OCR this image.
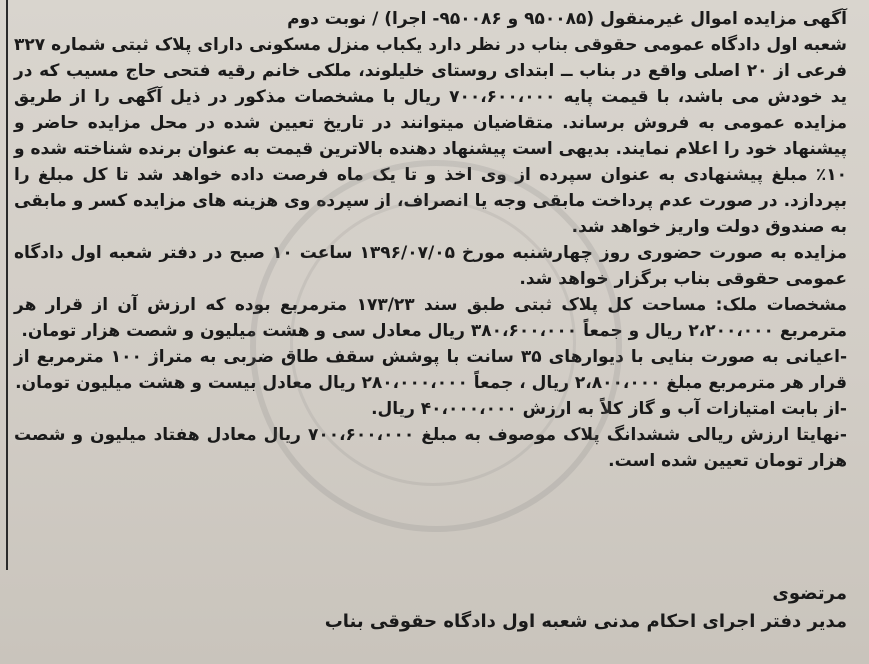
آگهی مزایده اموال غیرمنقول (۹۵۰۰۸۵ و ۹۵۰۰۸۶- اجرا) / نوبت دوم

شعبه اول دادگاه عمومی حقوقی بناب در نظر دارد یکباب منزل مسکونی دارای پلاک ثبتی شماره ۳۲۷ فرعی از ۲۰ اصلی واقع در بناب ــ ابتدای روستای خلیلوند، ملکی خانم رقیه فتحی حاج مسیب که در ید خودش می باشد، با قیمت پایه ۷۰۰،۶۰۰،۰۰۰ ریال با مشخصات مذکور در ذیل آگهی را از طریق مزایده عمومی به فروش برساند. متقاضیان میتوانند در تاریخ تعیین شده در محل مزایده حاضر و پیشنهاد خود را اعلام نمایند. بدیهی است پیشنهاد دهنده بالاترین قیمت به عنوان برنده شناخته شده و ۱۰٪ مبلغ پیشنهادی به عنوان سپرده از وی اخذ و تا یک ماه فرصت داده خواهد شد تا کل مبلغ را بپردازد. در صورت عدم پرداخت مابقی وجه یا انصراف، از سپرده وی هزینه های مزایده کسر و مابقی به صندوق دولت واریز خواهد شد.

مزایده به صورت حضوری روز چهارشنبه مورخ ۱۳۹۶/۰۷/۰۵ ساعت ۱۰ صبح در دفتر شعبه اول دادگاه عمومی حقوقی بناب برگزار خواهد شد.

مشخصات ملک: مساحت کل پلاک ثبتی طبق سند ۱۷۳/۲۳ مترمربع بوده که ارزش آن از قرار هر مترمربع ۲،۲۰۰،۰۰۰ ریال و جمعاً ۳۸۰،۶۰۰،۰۰۰ ریال معادل سی و هشت میلیون و شصت هزار تومان.

-اعیانی به صورت بنایی با دیوارهای ۳۵ سانت با پوشش سقف طاق ضربی به متراژ ۱۰۰ مترمربع از قرار هر مترمربع مبلغ ۲،۸۰۰،۰۰۰ ریال ، جمعاً ۲۸۰،۰۰۰،۰۰۰ ریال معادل بیست و هشت میلیون تومان.

-از بابت امتیازات آب و گاز کلاً به ارزش ۴۰،۰۰۰،۰۰۰ ریال.

-نهایتا ارزش ریالی ششدانگ پلاک موصوف به مبلغ ۷۰۰،۶۰۰،۰۰۰ ریال معادل هفتاد میلیون و شصت هزار تومان تعیین شده است.

مرتضوی
مدیر دفتر اجرای احکام مدنی شعبه اول دادگاه حقوقی بناب
